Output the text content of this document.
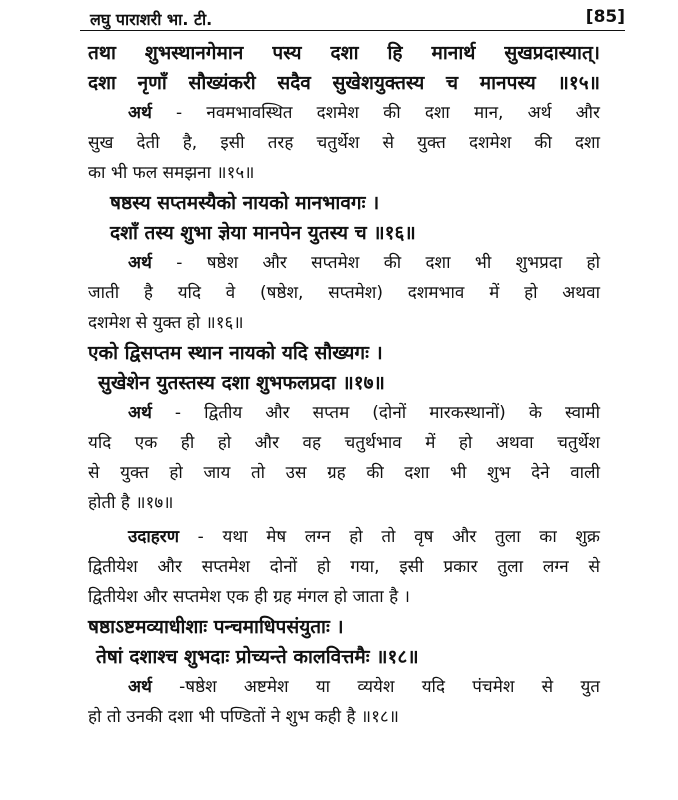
लघु पाराशरी भा. टी.	[85]
तथा शुभस्थानगेमान पस्य दशा हि मानार्थ सुखप्रदास्यात्।
दशा नृणाँ सौख्यंकरी सदैव सुखेशयुक्तस्य च मानपस्य ॥१५॥
अर्थ - नवमभावस्थित दशमेश की दशा मान, अर्थ और
सुख देती है, इसी तरह चतुर्थेश से युक्त दशमेश की दशा
का भी फल समझना ॥१५॥
षष्ठस्य सप्तमस्यैको नायको मानभावगः ।
दशाँ तस्य शुभा ज्ञेया मानपेन युतस्य च ॥१६॥
अर्थ - षष्ठेश और सप्तमेश की दशा भी शुभप्रदा हो
जाती है यदि वे (षष्ठेश, सप्तमेश) दशमभाव में हो अथवा
दशमेश से युक्त हो ॥१६॥
एको द्विसप्तम स्थान नायको यदि सौख्यगः ।
सुखेशेन युतस्तस्य दशा शुभफलप्रदा ॥१७॥
अर्थ - द्वितीय और सप्तम (दोनों मारकस्थानों) के स्वामी
यदि एक ही हो और वह चतुर्थभाव में हो अथवा चतुर्थेश
से युक्त हो जाय तो उस ग्रह की दशा भी शुभ देने वाली
होती है ॥१७॥
उदाहरण - यथा मेष लग्न हो तो वृष और तुला का शुक्र
द्वितीयेश और सप्तमेश दोनों हो गया, इसी प्रकार तुला लग्न से
द्वितीयेश और सप्तमेश एक ही ग्रह मंगल हो जाता है ।
षष्ठाऽष्टमव्याधीशाः पन्चमाधिपसंयुताः ।
तेषां दशाश्च शुभदाः प्रोच्यन्ते कालवित्तमैः ॥१८॥
अर्थ -षष्ठेश अष्टमेश या व्ययेश यदि पंचमेश से युत
हो तो उनकी दशा भी पण्डितों ने शुभ कही है ॥१८॥
